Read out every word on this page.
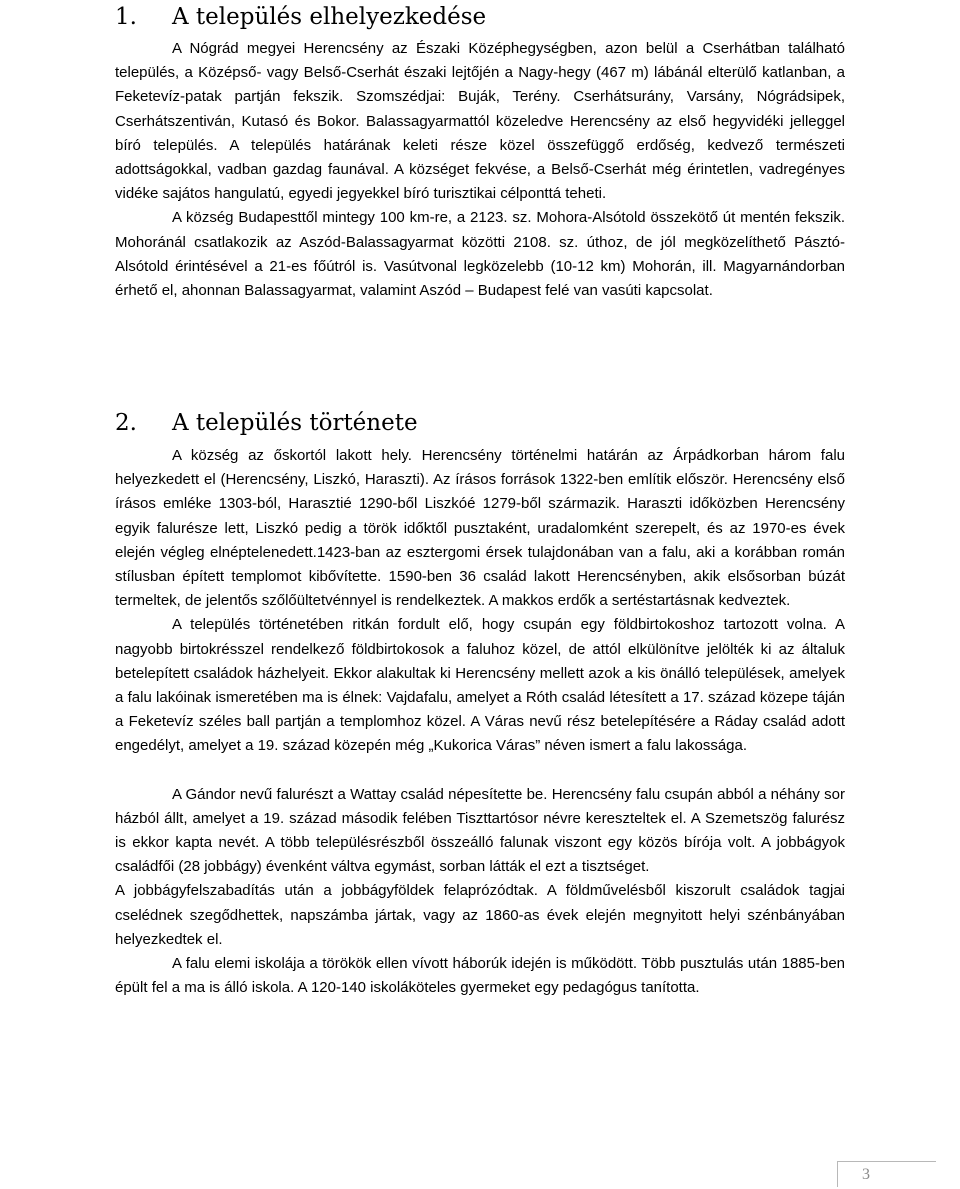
1. A település elhelyezkedése

A Nógrád megyei Herencsény az Északi Középhegységben, azon belül a Cserhátban található település, a Középső- vagy Belső-Cserhát északi lejtőjén a Nagy-hegy (467 m) lábánál elterülő katlanban, a Feketevíz-patak partján fekszik. Szomszédjai: Buják, Terény. Cserhátsurány, Varsány, Nógrádsipek, Cserhátszentiván, Kutasó és Bokor. Balassagyarmattól közeledve Herencsény az első hegyvidéki jelleggel bíró település. A település határának keleti része közel összefüggő erdőség, kedvező természeti adottságokkal, vadban gazdag faunával. A községet fekvése, a Belső-Cserhát még érintetlen, vadregényes vidéke sajátos hangulatú, egyedi jegyekkel bíró turisztikai célponttá teheti.

A község Budapesttől mintegy 100 km-re, a 2123. sz. Mohora-Alsótold összekötő út mentén fekszik. Mohoránál csatlakozik az Aszód-Balassagyarmat közötti 2108. sz. úthoz, de jól megközelíthető Pásztó-Alsótold érintésével a 21-es főútról is. Vasútvonal legközelebb (10-12 km) Mohorán, ill. Magyarnándorban érhető el, ahonnan Balassagyarmat, valamint Aszód – Budapest felé van vasúti kapcsolat.

2. A település története

A község az őskortól lakott hely. Herencsény történelmi határán az Árpádkorban három falu helyezkedett el (Herencsény, Liszkó, Haraszti). Az írásos források 1322-ben említik először. Herencsény első írásos emléke 1303-ból, Harasztié 1290-ből Liszkóé 1279-ből származik. Haraszti időközben Herencsény egyik falurésze lett, Liszkó pedig a török időktől pusztaként, uradalomként szerepelt, és az 1970-es évek elején végleg elnéptelenedett.1423-ban az esztergomi érsek tulajdonában van a falu, aki a korábban román stílusban épített templomot kibővítette. 1590-ben 36 család lakott Herencsényben, akik elsősorban búzát termeltek, de jelentős szőlőültetvénnyel is rendelkeztek. A makkos erdők a sertéstartásnak kedveztek.

A település történetében ritkán fordult elő, hogy csupán egy földbirtokoshoz tartozott volna. A nagyobb birtokrésszel rendelkező földbirtokosok a faluhoz közel, de attól elkülönítve jelölték ki az általuk betelepített családok házhelyeit. Ekkor alakultak ki Herencsény mellett azok a kis önálló települések, amelyek a falu lakóinak ismeretében ma is élnek: Vajdafalu, amelyet a Róth család létesített a 17. század közepe táján a Feketevíz széles ball partján a templomhoz közel. A Váras nevű rész betelepítésére a Ráday család adott engedélyt, amelyet a 19. század közepén még „Kukorica Váras” néven ismert a falu lakossága.

A Gándor nevű falurészt a Wattay család népesítette be. Herencsény falu csupán abból a néhány sor házból állt, amelyet a 19. század második felében Tiszttartósor névre kereszteltek el. A Szemetszög falurész is ekkor kapta nevét. A több településrészből összeálló falunak viszont egy közös bírója volt. A jobbágyok családfői (28 jobbágy) évenként váltva egymást, sorban látták el ezt a tisztséget.

A jobbágyfelszabadítás után a jobbágyföldek felaprózódtak. A földművelésből kiszorult családok tagjai cselédnek szegődhettek, napszámba jártak, vagy az 1860-as évek elején megnyitott helyi szénbányában helyezkedtek el.

A falu elemi iskolája a törökök ellen vívott háborúk idején is működött. Több pusztulás után 1885-ben épült fel a ma is álló iskola. A 120-140 iskoláköteles gyermeket egy pedagógus tanította.

3
